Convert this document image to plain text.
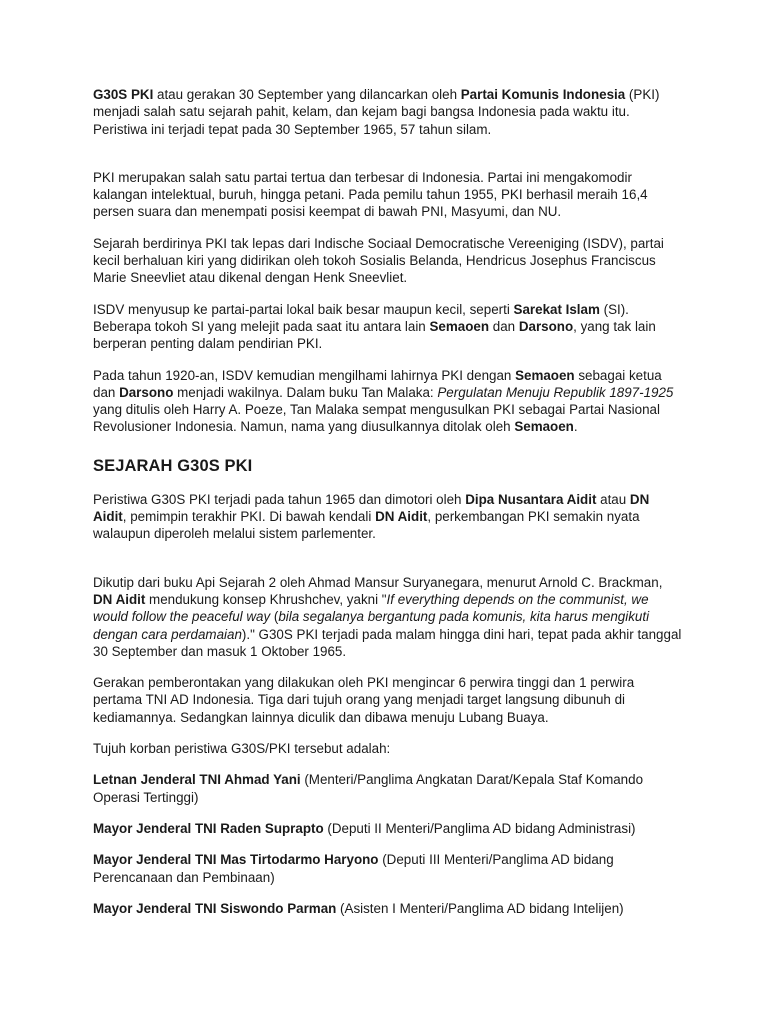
G30S PKI atau gerakan 30 September yang dilancarkan oleh Partai Komunis Indonesia (PKI) menjadi salah satu sejarah pahit, kelam, dan kejam bagi bangsa Indonesia pada waktu itu. Peristiwa ini terjadi tepat pada 30 September 1965, 57 tahun silam.

PKI merupakan salah satu partai tertua dan terbesar di Indonesia. Partai ini mengakomodir kalangan intelektual, buruh, hingga petani. Pada pemilu tahun 1955, PKI berhasil meraih 16,4 persen suara dan menempati posisi keempat di bawah PNI, Masyumi, dan NU.

Sejarah berdirinya PKI tak lepas dari Indische Sociaal Democratische Vereeniging (ISDV), partai kecil berhaluan kiri yang didirikan oleh tokoh Sosialis Belanda, Hendricus Josephus Franciscus Marie Sneevliet atau dikenal dengan Henk Sneevliet.

ISDV menyusup ke partai-partai lokal baik besar maupun kecil, seperti Sarekat Islam (SI). Beberapa tokoh SI yang melejit pada saat itu antara lain Semaoen dan Darsono, yang tak lain berperan penting dalam pendirian PKI.

Pada tahun 1920-an, ISDV kemudian mengilhami lahirnya PKI dengan Semaoen sebagai ketua dan Darsono menjadi wakilnya. Dalam buku Tan Malaka: Pergulatan Menuju Republik 1897-1925 yang ditulis oleh Harry A. Poeze, Tan Malaka sempat mengusulkan PKI sebagai Partai Nasional Revolusioner Indonesia. Namun, nama yang diusulkannya ditolak oleh Semaoen.

SEJARAH G30S PKI

Peristiwa G30S PKI terjadi pada tahun 1965 dan dimotori oleh Dipa Nusantara Aidit atau DN Aidit, pemimpin terakhir PKI. Di bawah kendali DN Aidit, perkembangan PKI semakin nyata walaupun diperoleh melalui sistem parlementer.

Dikutip dari buku Api Sejarah 2 oleh Ahmad Mansur Suryanegara, menurut Arnold C. Brackman, DN Aidit mendukung konsep Khrushchev, yakni "If everything depends on the communist, we would follow the peaceful way (bila segalanya bergantung pada komunis, kita harus mengikuti dengan cara perdamaian)." G30S PKI terjadi pada malam hingga dini hari, tepat pada akhir tanggal 30 September dan masuk 1 Oktober 1965.

Gerakan pemberontakan yang dilakukan oleh PKI mengincar 6 perwira tinggi dan 1 perwira pertama TNI AD Indonesia. Tiga dari tujuh orang yang menjadi target langsung dibunuh di kediamannya. Sedangkan lainnya diculik dan dibawa menuju Lubang Buaya.

Tujuh korban peristiwa G30S/PKI tersebut adalah:

Letnan Jenderal TNI Ahmad Yani (Menteri/Panglima Angkatan Darat/Kepala Staf Komando Operasi Tertinggi)

Mayor Jenderal TNI Raden Suprapto (Deputi II Menteri/Panglima AD bidang Administrasi)

Mayor Jenderal TNI Mas Tirtodarmo Haryono (Deputi III Menteri/Panglima AD bidang Perencanaan dan Pembinaan)

Mayor Jenderal TNI Siswondo Parman (Asisten I Menteri/Panglima AD bidang Intelijen)
